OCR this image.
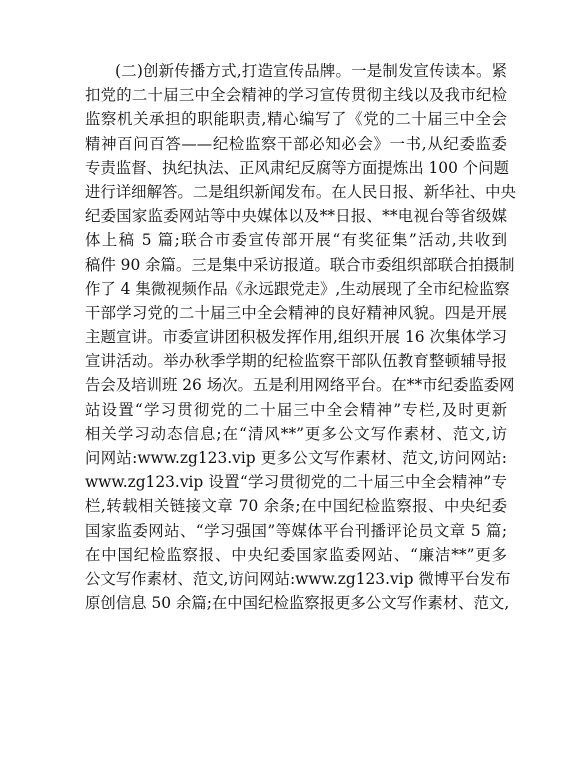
(二)创新传播方式,打造宣传品牌。一是制发宣传读本。紧
扣党的二十届三中全会精神的学习宣传贯彻主线以及我市纪检
监察机关承担的职能职责,精心编写了《党的二十届三中全会
精神百问百答——纪检监察干部必知必会》一书,从纪委监委
专责监督、执纪执法、正风肃纪反腐等方面提炼出 100 个问题
进行详细解答。二是组织新闻发布。在人民日报、新华社、中央
纪委国家监委网站等中央媒体以及**日报、**电视台等省级媒
体上稿 5 篇;联合市委宣传部开展“有奖征集”活动,共收到
稿件 90 余篇。三是集中采访报道。联合市委组织部联合拍摄制
作了 4 集微视频作品《永远跟党走》,生动展现了全市纪检监察
干部学习党的二十届三中全会精神的良好精神风貌。四是开展
主题宣讲。市委宣讲团积极发挥作用,组织开展 16 次集体学习
宣讲活动。举办秋季学期的纪检监察干部队伍教育整顿辅导报
告会及培训班 26 场次。五是利用网络平台。在**市纪委监委网
站设置“学习贯彻党的二十届三中全会精神”专栏,及时更新
相关学习动态信息;在“清风**”更多公文写作素材、范文,访
问网站:www.zg123.vip 更多公文写作素材、范文,访问网站:
www.zg123.vip 设置“学习贯彻党的二十届三中全会精神”专
栏,转载相关链接文章 70 余条;在中国纪检监察报、中央纪委
国家监委网站、“学习强国”等媒体平台刊播评论员文章 5 篇;
在中国纪检监察报、中央纪委国家监委网站、“廉洁**”更多
公文写作素材、范文,访问网站:www.zg123.vip 微博平台发布
原创信息 50 余篇;在中国纪检监察报更多公文写作素材、范文,
